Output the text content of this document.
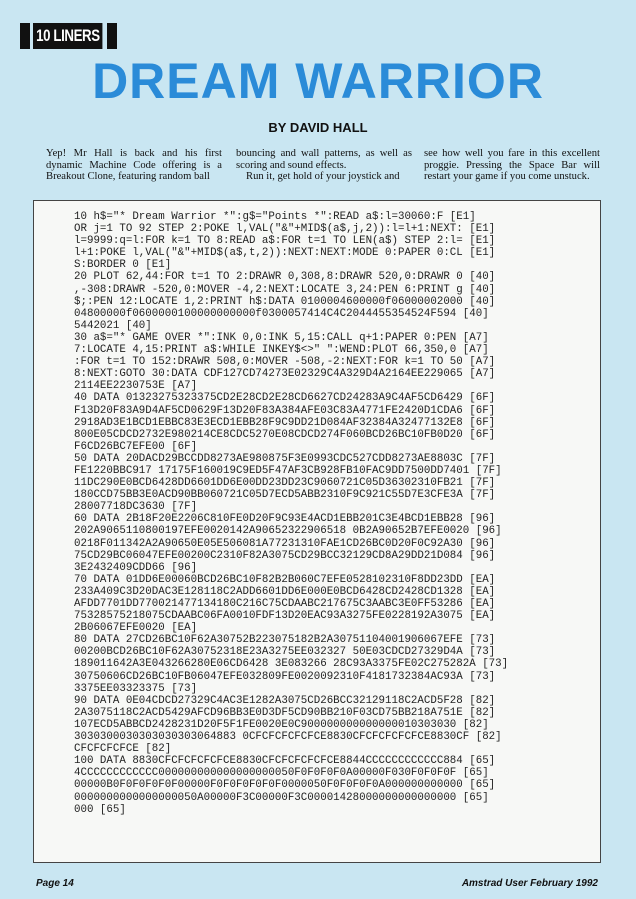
10 LINERS
DREAM WARRIOR
BY DAVID HALL

Yep! Mr Hall is back and his first dynamic Machine Code offering is a Breakout Clone, featuring random ball

bouncing and wall patterns, as well as scoring and sound effects.

Run it, get hold of your joystick and

see how well you fare in this excellent proggie. Pressing the Space Bar will restart your game if you come unstuck.

10 h$="* Dream Warrior *":g$="Points *":READ a$:l=30060:F [E1]
OR j=1 TO 92 STEP 2:POKE l,VAL("&"+MID$(a$,j,2)):l=l+1:NEXT: [E1]
l=9999:q=l:FOR k=1 TO 8:READ a$:FOR t=1 TO LEN(a$) STEP 2:l= [E1]
l+1:POKE l,VAL("&"+MID$(a$,t,2)):NEXT:NEXT:MODE 0:PAPER 0:CL [E1]
S:BORDER 0 [E1]
20 PLOT 62,44:FOR t=1 TO 2:DRAWR 0,308,8:DRAWR 520,0:DRAWR 0 [40]
,-308:DRAWR -520,0:MOVER -4,2:NEXT:LOCATE 3,24:PEN 6:PRINT g [40]
$;:PEN 12:LOCATE 1,2:PRINT h$:DATA 0100004600000f06000002000 [40]
04800000f0600000100000000000f0300057414C4C2044455354524F594 [40]
5442021 [40]
30 a$="* GAME OVER *":INK 0,0:INK 5,15:CALL q+1:PAPER 0:PEN [A7]
7:LOCATE 4,15:PRINT a$:WHILE INKEY$<>" ":WEND:PLOT 66,350,0 [A7]
:FOR t=1 TO 152:DRAWR 508,0:MOVER -508,-2:NEXT:FOR k=1 TO 50 [A7]
8:NEXT:GOTO 30:DATA CDF127CD74273E02329C4A329D4A2164EE229065 [A7]
2114EE2230753E [A7]
40 DATA 01323275323375CD2E28CD2E28CD6627CD24283A9C4AF5CD6429 [6F]
F13D20F83A9D4AF5CD0629F13D20F83A384AFE03C83A4771FE2420D1CDA6 [6F]
2918AD3E1BCD1EBBC83E3ECD1EBB28F9C9DD21D084AF32384A32477132E8 [6F]
800E05CDCD2732E980214CE8CDC5270E08CDCD274F060BCD26BC10FB0D20 [6F]
F6CD26BC7EFE00 [6F]
50 DATA 20DACD29BCCDD8273AE980875F3E0993CDC527CDD8273AE8803C [7F]
FE1220BBC917 17175F160019C9ED5F47AF3CB928FB10FAC9DD7500DD7401 [7F]
11DC290E0BCD6428DD6601DD6E00DD23DD23C9060721C05D36302310FB21 [7F]
180CCD75BB3E0ACD90BB060721C05D7ECD5ABB2310F9C921C55D7E3CFE3A [7F]
28007718DC3630 [7F]
60 DATA 2B18F20E2206C810FE0D20F9C93E4ACD1EBB201C3E4BCD1EBB28 [96]
202A9065110800197EFE0020142A90652322906518 0B2A90652B7EFE0020 [96]
0218F011342A2A90650E05E506081A77231310FAE1CD26BC0D20F0C92A30 [96]
75CD29BC06047EFE00200C2310F82A3075CD29BCC32129CD8A29DD21D084 [96]
3E2432409CDD66 [96]
70 DATA 01DD6E00060BCD26BC10F82B2B060C7EFE0528102310F8DD23DD [EA]
233A409C3D20DAC3E128118C2ADD6601DD6E000E0BCD6428CD2428CD1328 [EA]
AFDD7701DD770021477134180C216C75CDAABC217675C3AABC3E0FF53286 [EA]
75328575218075CDAABC06FA0010FDF13D20EAC93A3275FE0228192A3075 [EA]
2B06067EFE0020 [EA]
80 DATA 27CD26BC10F62A30752B223075182B2A30751104001906067EFE [73]
00200BCD26BC10F62A30752318E23A3275EE032327 50E03CDCD27329D4A [73]
189011642A3E043266280E06CD6428 3E083266 28C93A3375FE02C275282A [73]
30750606CD26BC10FB06047EFE032809FE0020092310F4181732384AC93A [73]
3375EE03323375 [73]
90 DATA 0E04CDCD27329C4AC3E1282A3075CD26BCC32129118C2ACD5F28 [82]
2A3075118C2ACD5429AFCD96BB3E0D3DF5CD90BB210F03CD75BB218A751E [82]
107ECD5ABBCD2428231D20F5F1FE0020E0C900000000000000010303030 [82]
3030300030303030303064883 0CFCFCFCFCFCE8830CFCFCFCFCFCE8830CF [82]
CFCFCFCFCE [82]
100 DATA 8830CFCFCFCFCFCE8830CFCFCFCFCFCE8844CCCCCCCCCCCC884 [65]
4CCCCCCCCCCCC000000000000000000050F0F0F0F0A00000F030F0F0F0F [65]
00000B0F0F0F0F0F00000F0F0F0F0F0F0000050F0F0F0F0A000000000000 [65]
0000000000000000050A00000F3C00000F3C00001428000000000000000 [65]
000 [65]
Page 14	Amstrad User February 1992
